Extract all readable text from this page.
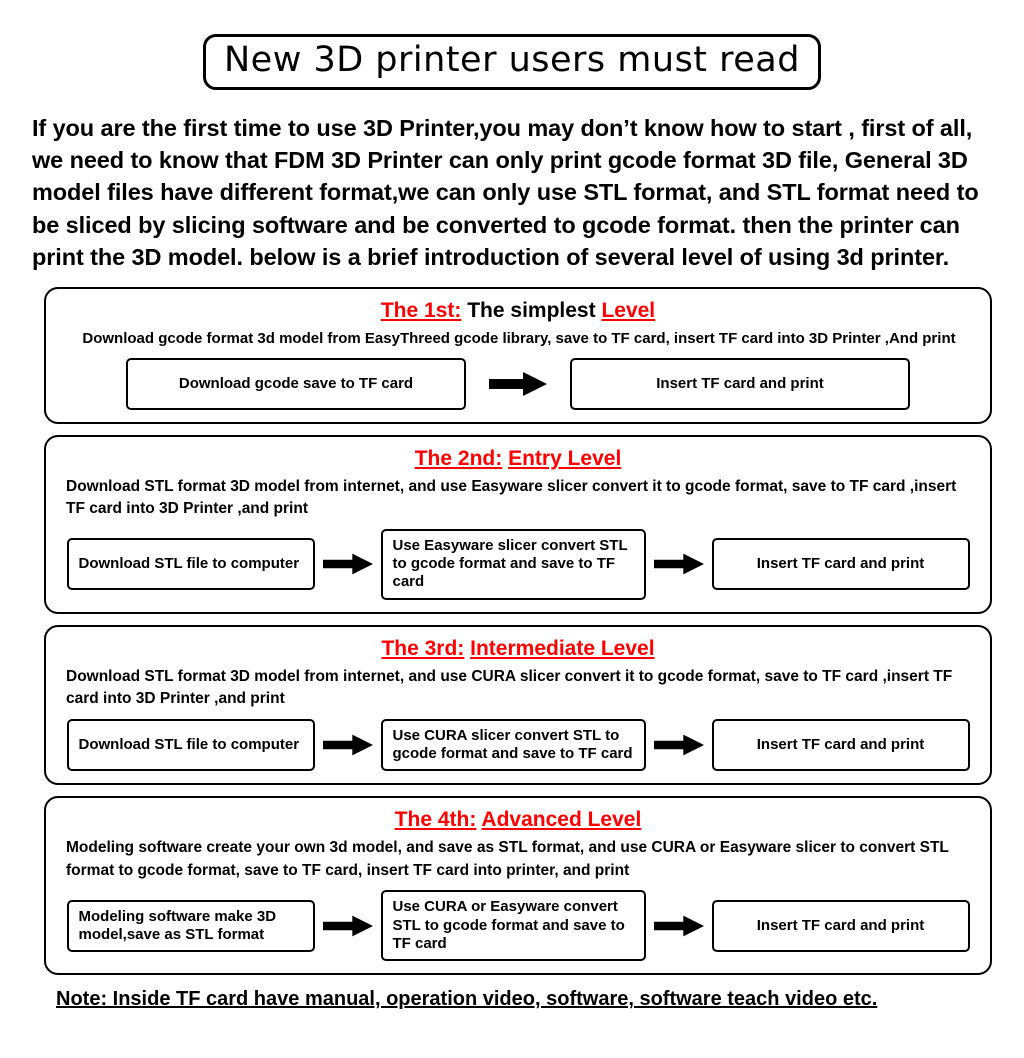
New 3D printer users must read

If you are the first time to use 3D Printer,you may don’t know how to start , first of all, we need to know that FDM 3D Printer can only print gcode format 3D file, General 3D model files have different format,we can only use STL format, and STL format need to be sliced by slicing software and be converted to gcode format. then the printer can print the 3D model. below is a brief introduction of several level of using 3d printer.

The 1st: The simplest Level
Download gcode format 3d model from EasyThreed gcode library, save to TF card, insert TF card into 3D Printer ,And print
Download gcode save to TF card	Insert TF card and print
The 2nd: Entry Level
Download STL format 3D model from internet, and use Easyware slicer convert it to gcode format, save to TF card ,insert TF card into 3D Printer ,and print
Download STL file to computer
Use Easyware slicer convert STL to gcode format and save to TF card
Insert TF card and print
The 3rd: Intermediate Level
Download STL format 3D model from internet, and use CURA slicer convert it to gcode format, save to TF card ,insert TF card into 3D Printer ,and print
Download STL file to computer
Use CURA slicer convert STL to gcode format and save to TF card
Insert TF card and print
The 4th: Advanced Level
Modeling software create your own 3d model, and save as STL format, and use CURA or Easyware slicer to convert STL format to gcode format, save to TF card, insert TF card into printer, and print
Modeling software make 3D model,save as STL format
Use CURA or Easyware convert STL to gcode format and save to TF card
Insert TF card and print
Note: Inside TF card have manual, operation video, software, software teach video etc.
